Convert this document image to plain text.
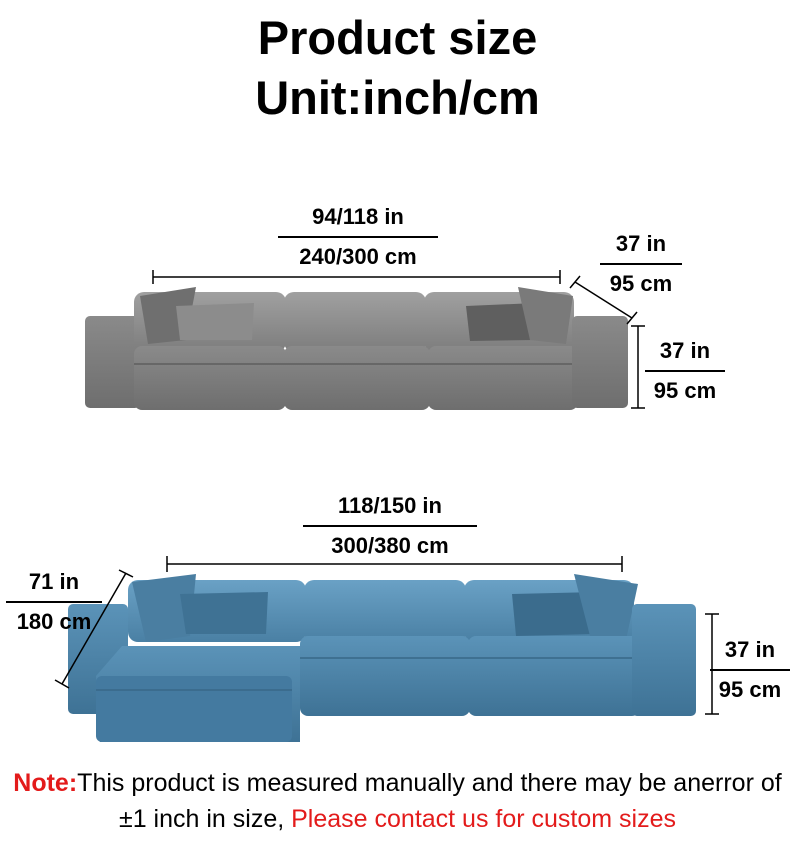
Product size
Unit:inch/cm
94/118 in
240/300 cm
37 in
95 cm
37 in
95 cm
118/150 in
300/380 cm
71 in
180 cm
37 in
95 cm
Note:This product is measured manually and there may be anerror of ±1 inch in size, Please contact us for custom sizes
